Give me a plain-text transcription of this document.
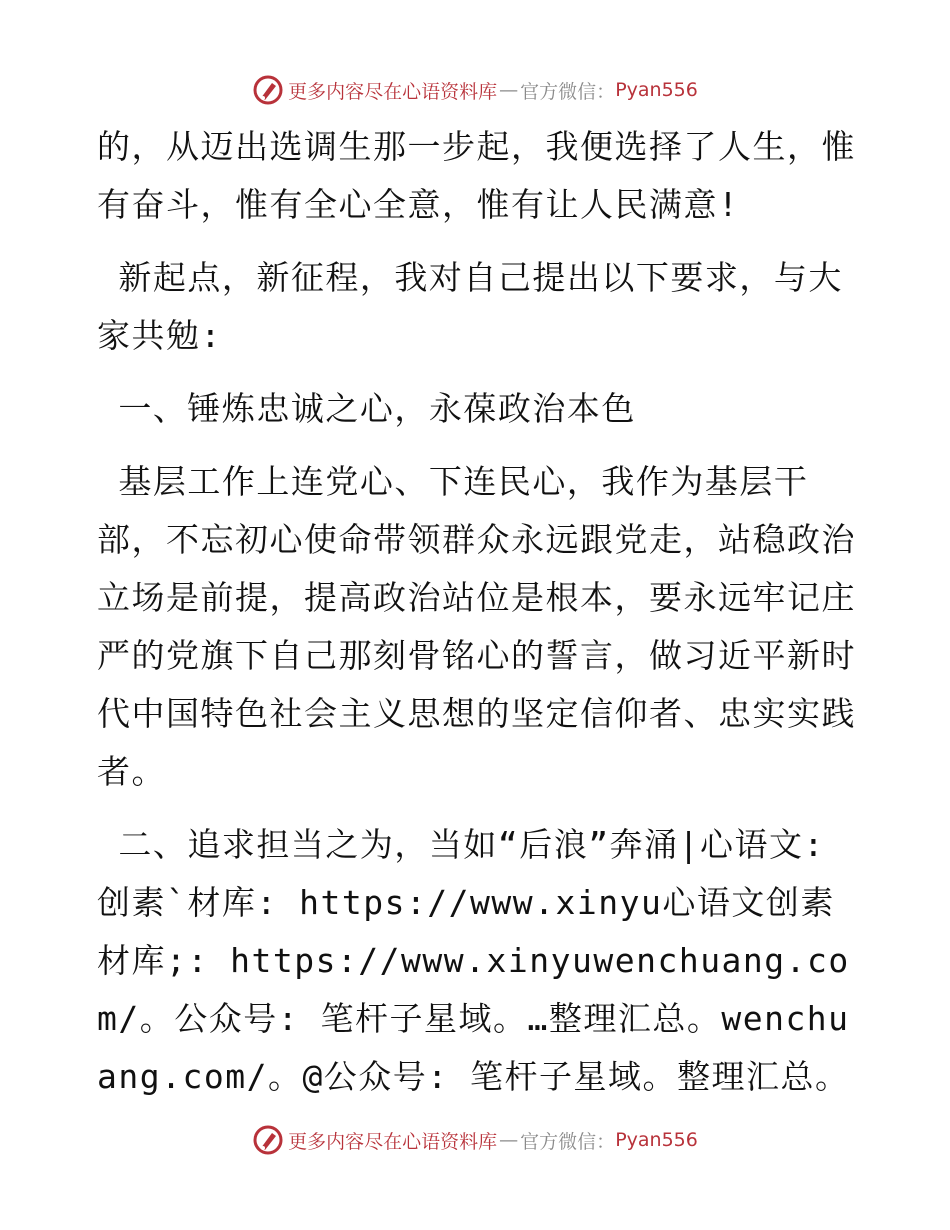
更多内容尽在心语资料库 — 官方微信： Pyan556

的，从迈出选调生那一步起，我便选择了人生，惟有奋斗，惟有全心全意，惟有让人民满意!

新起点，新征程，我对自己提出以下要求，与大家共勉:

一、锤炼忠诚之心，永葆政治本色

基层工作上连党心、下连民心，我作为基层干部，不忘初心使命带领群众永远跟党走，站稳政治立场是前提，提高政治站位是根本，要永远牢记庄严的党旗下自己那刻骨铭心的誓言，做习近平新时代中国特色社会主义思想的坚定信仰者、忠实实践者。

二、追求担当之为，当如“后浪”奔涌|心语文:创素`材库: https://www.xinyu心语文创素材库;: https://www.xinyuwenchuang.com/。公众号: 笔杆子星域。…整理汇总。wenchuang.com/。@公众号: 笔杆子星域。整理汇总。

更多内容尽在心语资料库 — 官方微信： Pyan556
